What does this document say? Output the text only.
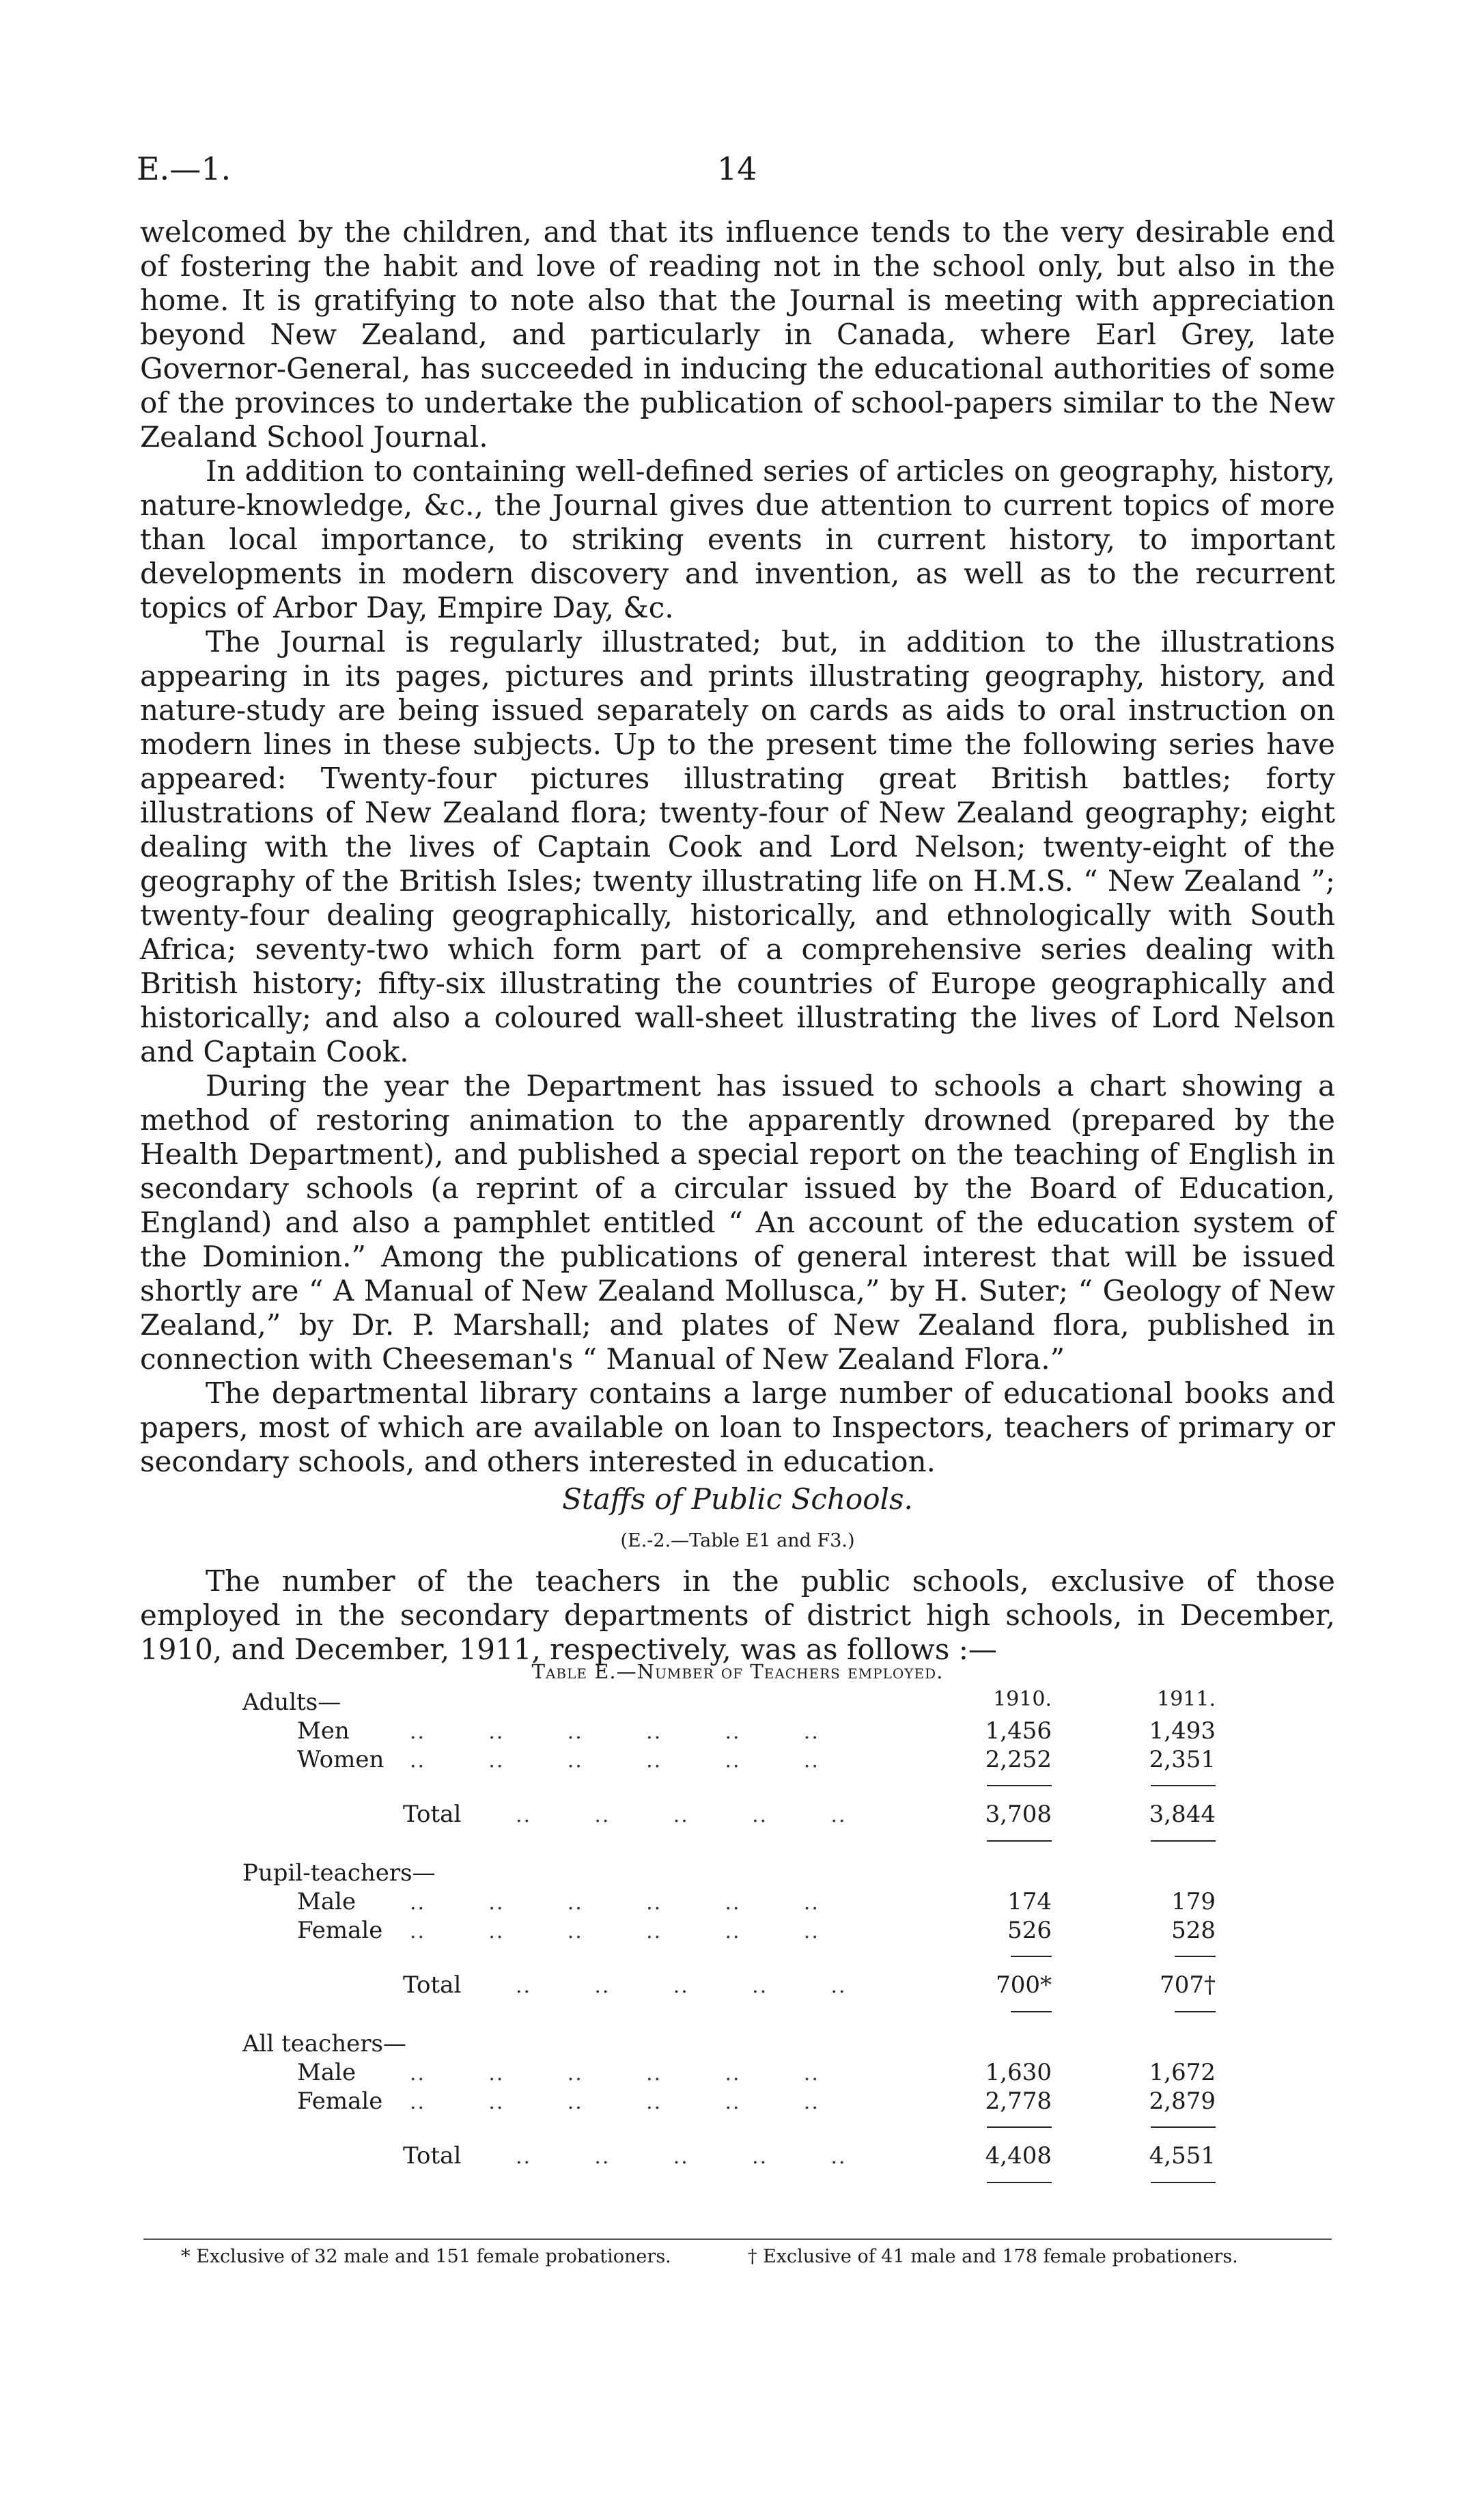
E.—1.	14

welcomed by the children, and that its influence tends to the very desirable end of fostering the habit and love of reading not in the school only, but also in the home. It is gratifying to note also that the Journal is meeting with appreciation beyond New Zealand, and particularly in Canada, where Earl Grey, late Governor-General, has succeeded in inducing the educational authorities of some of the provinces to undertake the publication of school-papers similar to the New Zealand School Journal.

In addition to containing well-defined series of articles on geography, history, nature-knowledge, &c., the Journal gives due attention to current topics of more than local importance, to striking events in current history, to important developments in modern discovery and invention, as well as to the recurrent topics of Arbor Day, Empire Day, &c.

The Journal is regularly illustrated; but, in addition to the illustrations appearing in its pages, pictures and prints illustrating geography, history, and nature-study are being issued separately on cards as aids to oral instruction on modern lines in these subjects. Up to the present time the following series have appeared: Twenty-four pictures illustrating great British battles; forty illustrations of New Zealand flora; twenty-four of New Zealand geography; eight dealing with the lives of Captain Cook and Lord Nelson; twenty-eight of the geography of the British Isles; twenty illustrating life on H.M.S. “ New Zealand ”; twenty-four dealing geographically, historically, and ethnologically with South Africa; seventy-two which form part of a comprehensive series dealing with British history; fifty-six illustrating the countries of Europe geographically and historically; and also a coloured wall-sheet illustrating the lives of Lord Nelson and Captain Cook.

During the year the Department has issued to schools a chart showing a method of restoring animation to the apparently drowned (prepared by the Health Department), and published a special report on the teaching of English in secondary schools (a reprint of a circular issued by the Board of Education, England) and also a pamphlet entitled “ An account of the education system of the Dominion.” Among the publications of general interest that will be issued shortly are “ A Manual of New Zealand Mollusca,” by H. Suter; “ Geology of New Zealand,” by Dr. P. Marshall; and plates of New Zealand flora, published in connection with Cheeseman's “ Manual of New Zealand Flora.”

The departmental library contains a large number of educational books and papers, most of which are available on loan to Inspectors, teachers of primary or secondary schools, and others interested in education.

Staffs of Public Schools.
(E.-2.—Table E1 and F3.)

The number of the teachers in the public schools, exclusive of those employed in the secondary departments of district high schools, in December, 1910, and December, 1911, respectively, was as follows :—

Table E.—Number of Teachers employed.
1910.	1911.
Adults—
Men	..        ..        ..        ..        ..        ..	1,456	1,493
Women ..        ..        ..        ..        ..        ..	2,252	2,351
Total	..        ..        ..        ..        ..	3,708	3,844
Pupil-teachers—
Male	..        ..        ..        ..        ..        ..	174	179
Female ..        ..        ..        ..        ..        ..	526	528
Total	..        ..        ..        ..        ..	700*	707†
All teachers—
Male	..        ..        ..        ..        ..        ..	1,630	1,672
Female ..        ..        ..        ..        ..        ..	2,778	2,879
Total	..        ..        ..        ..        ..	4,408	4,551
* Exclusive of 32 male and 151 female probationers.	† Exclusive of 41 male and 178 female probationers.
